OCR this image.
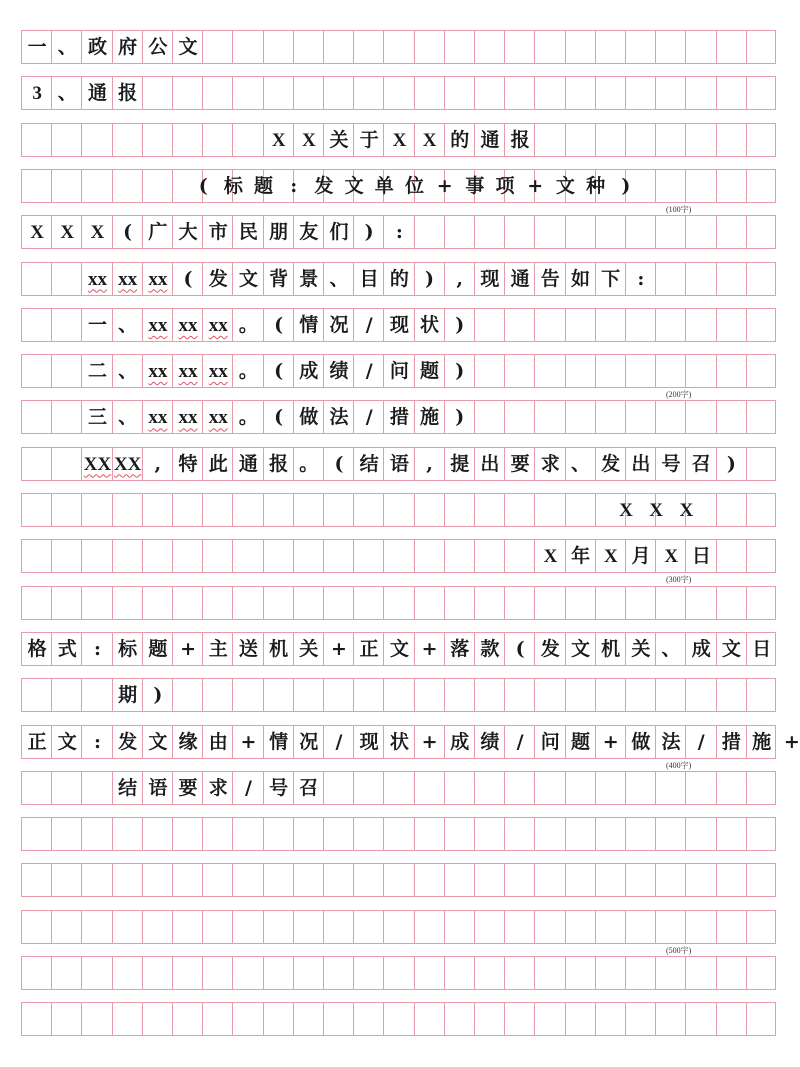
一 、 政 府 公 文
3 、 通 报
X X 关 于 X X 的 通 报
( 标 题 : 发 文 单 位 + 事 项 + 文 种 )
X X X ( 广 大 市 民 朋 友 们 ) :
xx xx xx ( 发 文 背 景 、 目 的 ) , 现 通 告 如 下 :
一 、 xx xx xx 。 ( 情 况 / 现 状 )
二 、 xx xx xx 。 ( 成 绩 / 问 题 )
三 、 xx xx xx 。 ( 做 法 / 措 施 )
XX XX , 特 此 通 报 。 ( 结 语 , 提 出 要 求 、 发 出 号 召 )
X X X
X 年 X 月 X 日
格 式 : 标 题 + 主 送 机 关 + 正 文 + 落 款 ( 发 文 机 关 、 成 文 日
期 )
正 文 : 发 文 缘 由 + 情 况 / 现 状 + 成 绩 / 问 题 + 做 法 / 措 施 +
结 语 要 求 / 号 召
(100字)
(200字)
(300字)
(400字)
(500字)
